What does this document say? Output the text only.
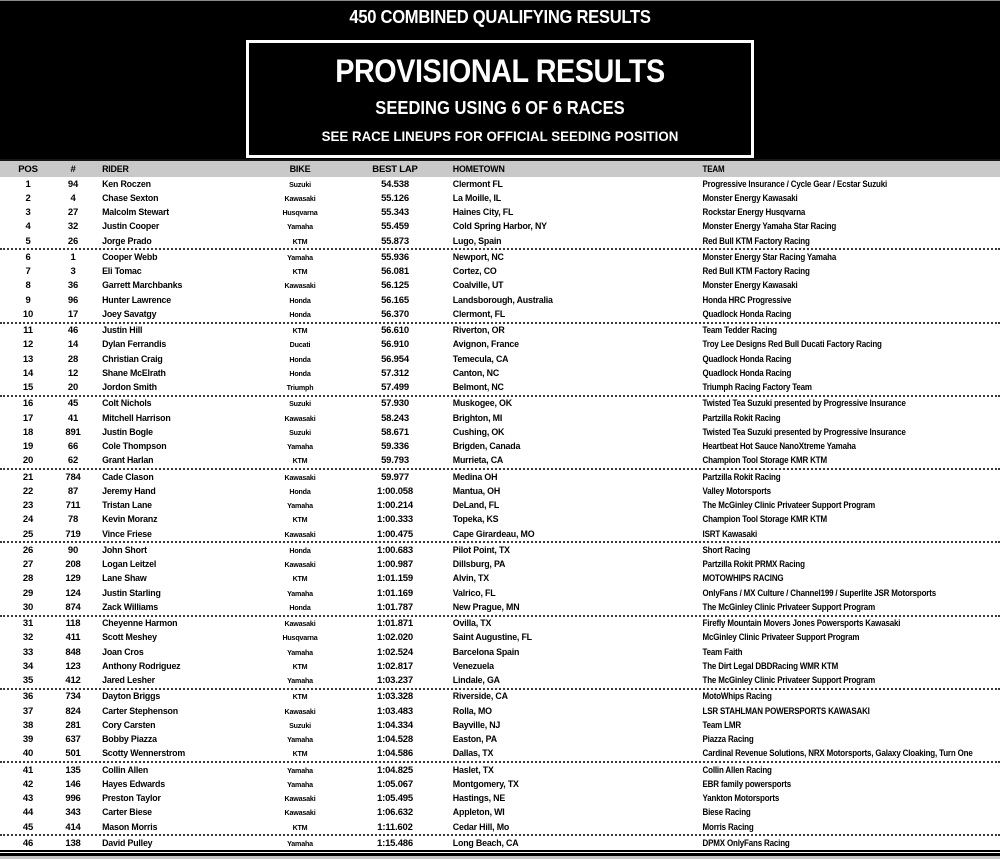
450 COMBINED QUALIFYING RESULTS
PROVISIONAL RESULTS
SEEDING USING 6 OF 6 RACES
SEE RACE LINEUPS FOR OFFICIAL SEEDING POSITION
POS	#	RIDER	BIKE	BEST LAP	HOMETOWN	TEAM
1	94	Ken Roczen	Suzuki	54.538	Clermont FL	Progressive Insurance / Cycle Gear / Ecstar Suzuki
2	4	Chase Sexton	Kawasaki	55.126	La Moille, IL	Monster Energy Kawasaki
3	27	Malcolm Stewart	Husqvarna	55.343	Haines City, FL	Rockstar Energy Husqvarna
4	32	Justin Cooper	Yamaha	55.459	Cold Spring Harbor, NY	Monster Energy Yamaha Star Racing
5	26	Jorge Prado	KTM	55.873	Lugo, Spain	Red Bull KTM Factory Racing
6	1	Cooper Webb	Yamaha	55.936	Newport, NC	Monster Energy Star Racing Yamaha
7	3	Eli Tomac	KTM	56.081	Cortez, CO	Red Bull KTM Factory Racing
8	36	Garrett Marchbanks	Kawasaki	56.125	Coalville, UT	Monster Energy Kawasaki
9	96	Hunter Lawrence	Honda	56.165	Landsborough, Australia	Honda HRC Progressive
10	17	Joey Savatgy	Honda	56.370	Clermont, FL	Quadlock Honda Racing
11	46	Justin Hill	KTM	56.610	Riverton, OR	Team Tedder Racing
12	14	Dylan Ferrandis	Ducati	56.910	Avignon, France	Troy Lee Designs Red Bull Ducati Factory Racing
13	28	Christian Craig	Honda	56.954	Temecula, CA	Quadlock Honda Racing
14	12	Shane McElrath	Honda	57.312	Canton, NC	Quadlock Honda Racing
15	20	Jordon Smith	Triumph	57.499	Belmont, NC	Triumph Racing Factory Team
16	45	Colt Nichols	Suzuki	57.930	Muskogee, OK	Twisted Tea Suzuki presented by Progressive Insurance
17	41	Mitchell Harrison	Kawasaki	58.243	Brighton, MI	Partzilla Rokit Racing
18	891	Justin Bogle	Suzuki	58.671	Cushing, OK	Twisted Tea Suzuki presented by Progressive Insurance
19	66	Cole Thompson	Yamaha	59.336	Brigden, Canada	Heartbeat Hot Sauce NanoXtreme Yamaha
20	62	Grant Harlan	KTM	59.793	Murrieta, CA	Champion Tool Storage KMR KTM
21	784	Cade Clason	Kawasaki	59.977	Medina OH	Partzilla Rokit Racing
22	87	Jeremy Hand	Honda	1:00.058	Mantua, OH	Valley Motorsports
23	711	Tristan Lane	Yamaha	1:00.214	DeLand, FL	The McGinley Clinic Privateer Support Program
24	78	Kevin Moranz	KTM	1:00.333	Topeka, KS	Champion Tool Storage KMR KTM
25	719	Vince Friese	Kawasaki	1:00.475	Cape Girardeau, MO	ISRT Kawasaki
26	90	John Short	Honda	1:00.683	Pilot Point, TX	Short Racing
27	208	Logan Leitzel	Kawasaki	1:00.987	Dillsburg, PA	Partzilla Rokit PRMX Racing
28	129	Lane Shaw	KTM	1:01.159	Alvin, TX	MOTOWHIPS RACING
29	124	Justin Starling	Yamaha	1:01.169	Valrico, FL	OnlyFans / MX Culture / Channel199 / Superlite JSR Motorsports
30	874	Zack Williams	Honda	1:01.787	New Prague, MN	The McGinley Clinic Privateer Support Program
31	118	Cheyenne Harmon	Kawasaki	1:01.871	Ovilla, TX	Firefly Mountain Movers Jones Powersports Kawasaki
32	411	Scott Meshey	Husqvarna	1:02.020	Saint Augustine, FL	McGinley Clinic Privateer Support Program
33	848	Joan Cros	Yamaha	1:02.524	Barcelona Spain	Team Faith
34	123	Anthony Rodriguez	KTM	1:02.817	Venezuela	The Dirt Legal DBDRacing WMR KTM
35	412	Jared Lesher	Yamaha	1:03.237	Lindale, GA	The McGinley Clinic Privateer Support Program
36	734	Dayton Briggs	KTM	1:03.328	Riverside, CA	MotoWhips Racing
37	824	Carter Stephenson	Kawasaki	1:03.483	Rolla, MO	LSR STAHLMAN POWERSPORTS KAWASAKI
38	281	Cory Carsten	Suzuki	1:04.334	Bayville, NJ	Team LMR
39	637	Bobby Piazza	Yamaha	1:04.528	Easton, PA	Piazza Racing
40	501	Scotty Wennerstrom	KTM	1:04.586	Dallas, TX	Cardinal Revenue Solutions, NRX Motorsports, Galaxy Cloaking, Turn One
41	135	Collin Allen	Yamaha	1:04.825	Haslet, TX	Collin Allen Racing
42	146	Hayes Edwards	Yamaha	1:05.067	Montgomery, TX	EBR family powersports
43	996	Preston Taylor	Kawasaki	1:05.495	Hastings, NE	Yankton Motorsports
44	343	Carter Biese	Kawasaki	1:06.632	Appleton, WI	Biese Racing
45	414	Mason Morris	KTM	1:11.602	Cedar Hill, Mo	Morris Racing
46	138	David Pulley	Yamaha	1:15.486	Long Beach, CA	DPMX OnlyFans Racing
